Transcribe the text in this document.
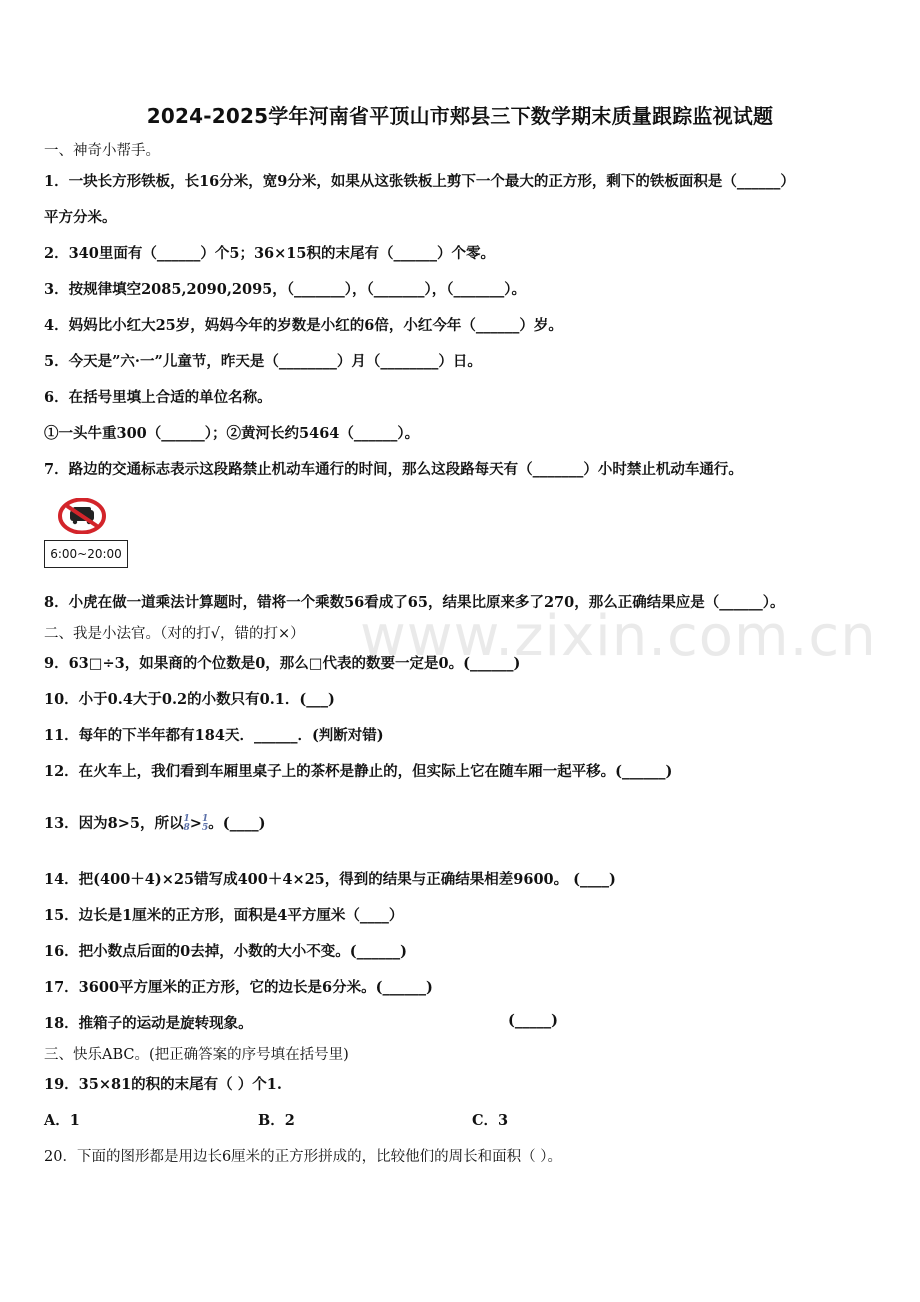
2024-2025学年河南省平顶山市郏县三下数学期末质量跟踪监视试题
一、神奇小帮手。
1．一块长方形铁板，长16分米，宽9分米，如果从这张铁板上剪下一个最大的正方形，剩下的铁板面积是（______）
平方分米。
2．340里面有（______）个5；36×15积的末尾有（______）个零。
3．按规律填空2085,2090,2095，（_______），（_______），（_______）。
4．妈妈比小红大25岁，妈妈今年的岁数是小红的6倍，小红今年（______）岁。
5．今天是”六·一”儿童节，昨天是（________）月（________）日。
6．在括号里填上合适的单位名称。
①一头牛重300（______）；②黄河长约5464（______）。
7．路边的交通标志表示这段路禁止机动车通行的时间，那么这段路每天有（_______）小时禁止机动车通行。
6:00~20:00
8．小虎在做一道乘法计算题时，错将一个乘数56看成了65，结果比原来多了270，那么正确结果应是（______）。
二、我是小法官。（对的打√，错的打×）
9．63□÷3，如果商的个位数是0，那么□代表的数要一定是0。(______)
10．小于0.4大于0.2的小数只有0.1．(___)
11．每年的下半年都有184天．______．(判断对错)
12．在火车上，我们看到车厢里桌子上的茶杯是静止的，但实际上它在随车厢一起平移。(______)
13．因为8>5，所以 1
8 > 1
5 。(____)
14．把(400＋4)×25错写成400＋4×25，得到的结果与正确结果相差9600。 (____)
15．边长是1厘米的正方形，面积是4平方厘米（____）
16．把小数点后面的0去掉，小数的大小不变。(______)
17．3600平方厘米的正方形，它的边长是6分米。(______)
18．推箱子的运动是旋转现象。	(_____)
三、快乐ABC。(把正确答案的序号填在括号里)
19．35×81的积的末尾有（ ）个1.
A．1	B．2	C．3
20．下面的图形都是用边长6厘米的正方形拼成的，比较他们的周长和面积（ ）。
www.zixin.com.cn
